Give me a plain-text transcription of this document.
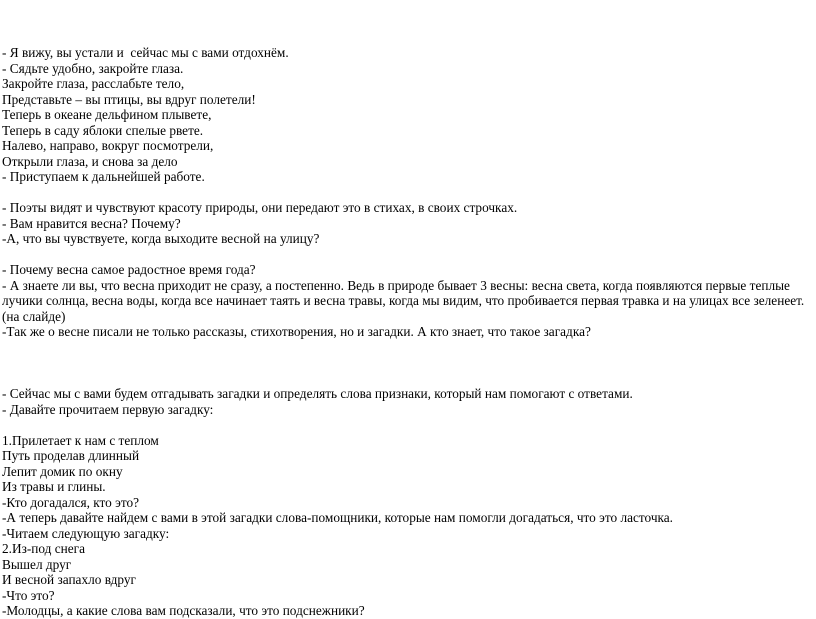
- Я вижу, вы устали и  сейчас мы с вами отдохнём.
- Сядьте удобно, закройте глаза.
Закройте глаза, расслабьте тело,
Представьте – вы птицы, вы вдруг полетели!
Теперь в океане дельфином плывете,
Теперь в саду яблоки спелые рвете.
Налево, направо, вокруг посмотрели,
Открыли глаза, и снова за дело
- Приступаем к дальнейшей работе.
- Поэты видят и чувствуют красоту природы, они передают это в стихах, в своих строчках.
- Вам нравится весна? Почему?
-А, что вы чувствуете, когда выходите весной на улицу?
- Почему весна самое радостное время года?
- А знаете ли вы, что весна приходит не сразу, а постепенно. Ведь в природе бывает 3 весны: весна света, когда появляются первые теплые
лучики солнца, весна воды, когда все начинает таять и весна травы, когда мы видим, что пробивается первая травка и на улицах все зеленеет.
(на слайде)
-Так же о весне писали не только рассказы, стихотворения, но и загадки. А кто знает, что такое загадка?
- Сейчас мы с вами будем отгадывать загадки и определять слова признаки, который нам помогают с ответами.
- Давайте прочитаем первую загадку:
1.Прилетает к нам с теплом
Путь проделав длинный
Лепит домик по окну
Из травы и глины.
-Кто догадался, кто это?
-А теперь давайте найдем с вами в этой загадки слова-помощники, которые нам помогли догадаться, что это ласточка.
-Читаем следующую загадку:
2.Из-под снега
Вышел друг
И весной запахло вдруг
-Что это?
-Молодцы, а какие слова вам подсказали, что это подснежники?
